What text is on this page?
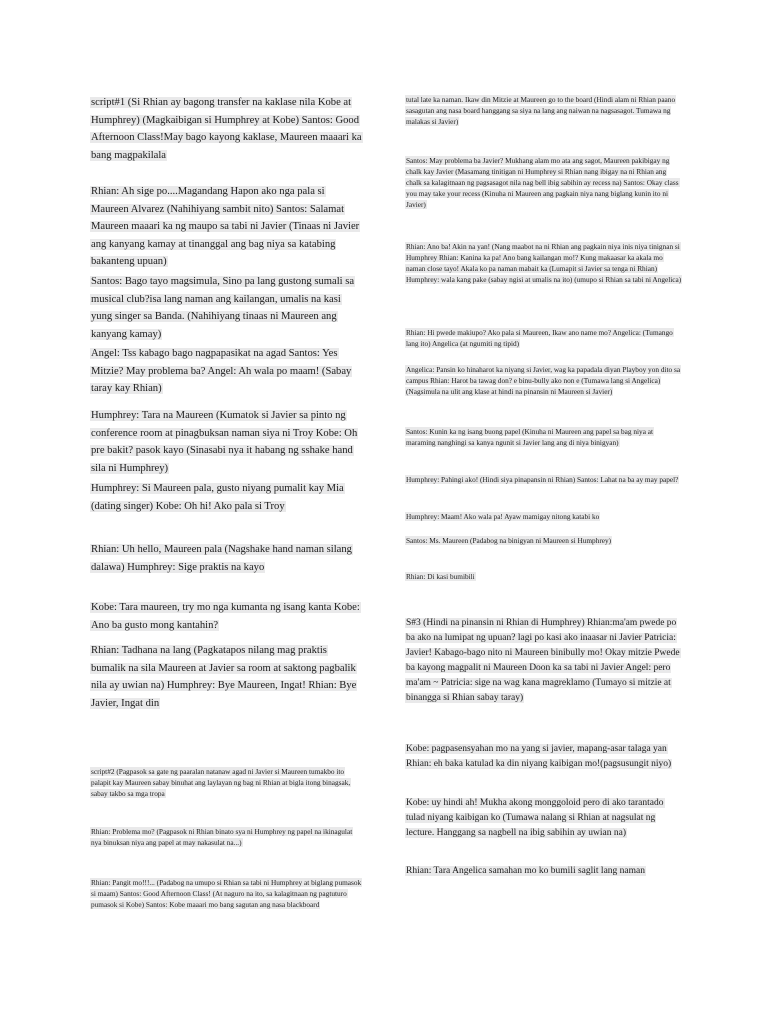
script#1 (Si Rhian ay bagong transfer na kaklase nila Kobe at Humphrey) (Magkaibigan si Humphrey at Kobe) Santos: Good Afternoon Class!May bago kayong kaklase, Maureen maaari ka bang magpakilala

Rhian: Ah sige po....Magandang Hapon ako nga pala si Maureen Alvarez (Nahihiyang sambit nito) Santos: Salamat Maureen maaari ka ng maupo sa tabi ni Javier (Tinaas ni Javier ang kanyang kamay at tinanggal ang bag niya sa katabing bakanteng upuan)

Santos: Bago tayo magsimula, Sino pa lang gustong sumali sa musical club?isa lang naman ang kailangan, umalis na kasi yung singer sa Banda. (Nahihiyang tinaas ni Maureen ang kanyang kamay)

Angel: Tss kabago bago nagpapasikat na agad Santos: Yes Mitzie? May problema ba? Angel: Ah wala po maam! (Sabay taray kay Rhian)

Humphrey: Tara na Maureen (Kumatok si Javier sa pinto ng conference room at pinagbuksan naman siya ni Troy Kobe: Oh pre bakit? pasok kayo (Sinasabi nya it habang ng sshake hand sila ni Humphrey)

Humphrey: Si Maureen pala, gusto niyang pumalit kay Mia (dating singer) Kobe: Oh hi! Ako pala si Troy

Rhian: Uh hello, Maureen pala (Nagshake hand naman silang dalawa) Humphrey: Sige praktis na kayo

Kobe: Tara maureen, try mo nga kumanta ng isang kanta Kobe: Ano ba gusto mong kantahin?

Rhian: Tadhana na lang (Pagkatapos nilang mag praktis bumalik na sila Maureen at Javier sa room at saktong pagbalik nila ay uwian na) Humphrey: Bye Maureen, Ingat! Rhian: Bye Javier, Ingat din

script#2 (Pagpasok sa gate ng paaralan natanaw agad ni Javier si Maureen tumakbo ito palapit kay Maureen sabay binuhat ang laylayan ng bag ni Rhian at bigla itong binagsak, sabay takbo sa mga tropa

Rhian: Problema mo? (Pagpasok ni Rhian binato sya ni Humphrey ng papel na ikinagulat nya binuksan niya ang papel at may nakasulat na...)

Rhian: Pangit mo!!!... (Padabog na umupo si Rhian sa tabi ni Humphrey at biglang pumasok si maam) Santos: Good Afternoon Class! (At naguro na ito, sa kalagitnaan ng pagtuturo pumasok si Kobe) Santos: Kobe maaari mo bang sagutan ang nasa blackboard

tutal late ka naman. Ikaw din Mitzie at Maureen go to the board (Hindi alam ni Rhian paano sasagutan ang nasa board hanggang sa siya na lang ang naiwan na nagsasagot. Tumawa ng malakas si Javier)

Santos: May problema ba Javier? Mukhang alam mo ata ang sagot, Maureen pakibigay ng chalk kay Javier (Masamang tinitigan ni Humphrey si Rhian nang ibigay na ni Rhian ang chalk sa kalagitnaan ng pagsasagot nila nag bell ibig sabihin ay recess na) Santos: Okay class you may take your recess (Kinuha ni Maureen ang pagkain niya nang biglang kunin ito ni Javier)

Rhian: Ano ba! Akin na yan! (Nang maabot na ni Rhian ang pagkain niya inis niya tinignan si Humphrey Rhian: Kanina ka pa! Ano bang kailangan mo!? Kung makaasar ka akala mo naman close tayo! Akala ko pa naman mabait ka (Lumapit si Javier sa tenga ni Rhian) Humphrey: wala kang pake (sabay ngisi at umalis na ito) (umupo si Rhian sa tabi ni Angelica)

Rhian: Hi pwede makiupo? Ako pala si Maureen, Ikaw ano name mo? Angelica: (Tumango lang ito) Angelica (at ngumiti ng tipid)

Angelica: Pansin ko hinaharot ka niyang si Javier, wag ka papadala diyan Playboy yon dito sa campus Rhian: Harot ba tawag don? e binu-bully ako non e (Tumawa lang si Angelica) (Nagsimula na ulit ang klase at hindi na pinansin ni Maureen si Javier)

Santos: Kunin ka ng isang buong papel (Kinuha ni Maureen ang papel sa bag niya at maraming nanghingi sa kanya ngunit si Javier lang ang di niya binigyan)

Humphrey: Pahingi ako! (Hindi siya pinapansin ni Rhian) Santos: Lahat na ba ay may papel?

Humphrey: Maam! Ako wala pa! Ayaw mamigay nitong katabi ko

Santos: Ms. Maureen (Padabog na binigyan ni Maureen si Humphrey)

Rhian: Di kasi bumibili

S#3 (Hindi na pinansin ni Rhian di Humphrey) Rhian:ma'am pwede po ba ako na lumipat ng upuan? lagi po kasi ako inaasar ni Javier Patricia: Javier! Kabago-bago nito ni Maureen binibully mo! Okay mitzie Pwede ba kayong magpalit ni Maureen Doon ka sa tabi ni Javier Angel: pero ma'am ~ Patricia: sige na wag kana magreklamo (Tumayo si mitzie at binangga si Rhian sabay taray)

Kobe: pagpasensyahan mo na yang si javier, mapang-asar talaga yan Rhian: eh baka katulad ka din niyang kaibigan mo!(pagsusungit niyo)

Kobe: uy hindi ah! Mukha akong monggoloid pero di ako tarantado tulad niyang kaibigan ko (Tumawa nalang si Rhian at nagsulat ng lecture. Hanggang sa nagbell na ibig sabihin ay uwian na)

Rhian: Tara Angelica samahan mo ko bumili saglit lang naman
